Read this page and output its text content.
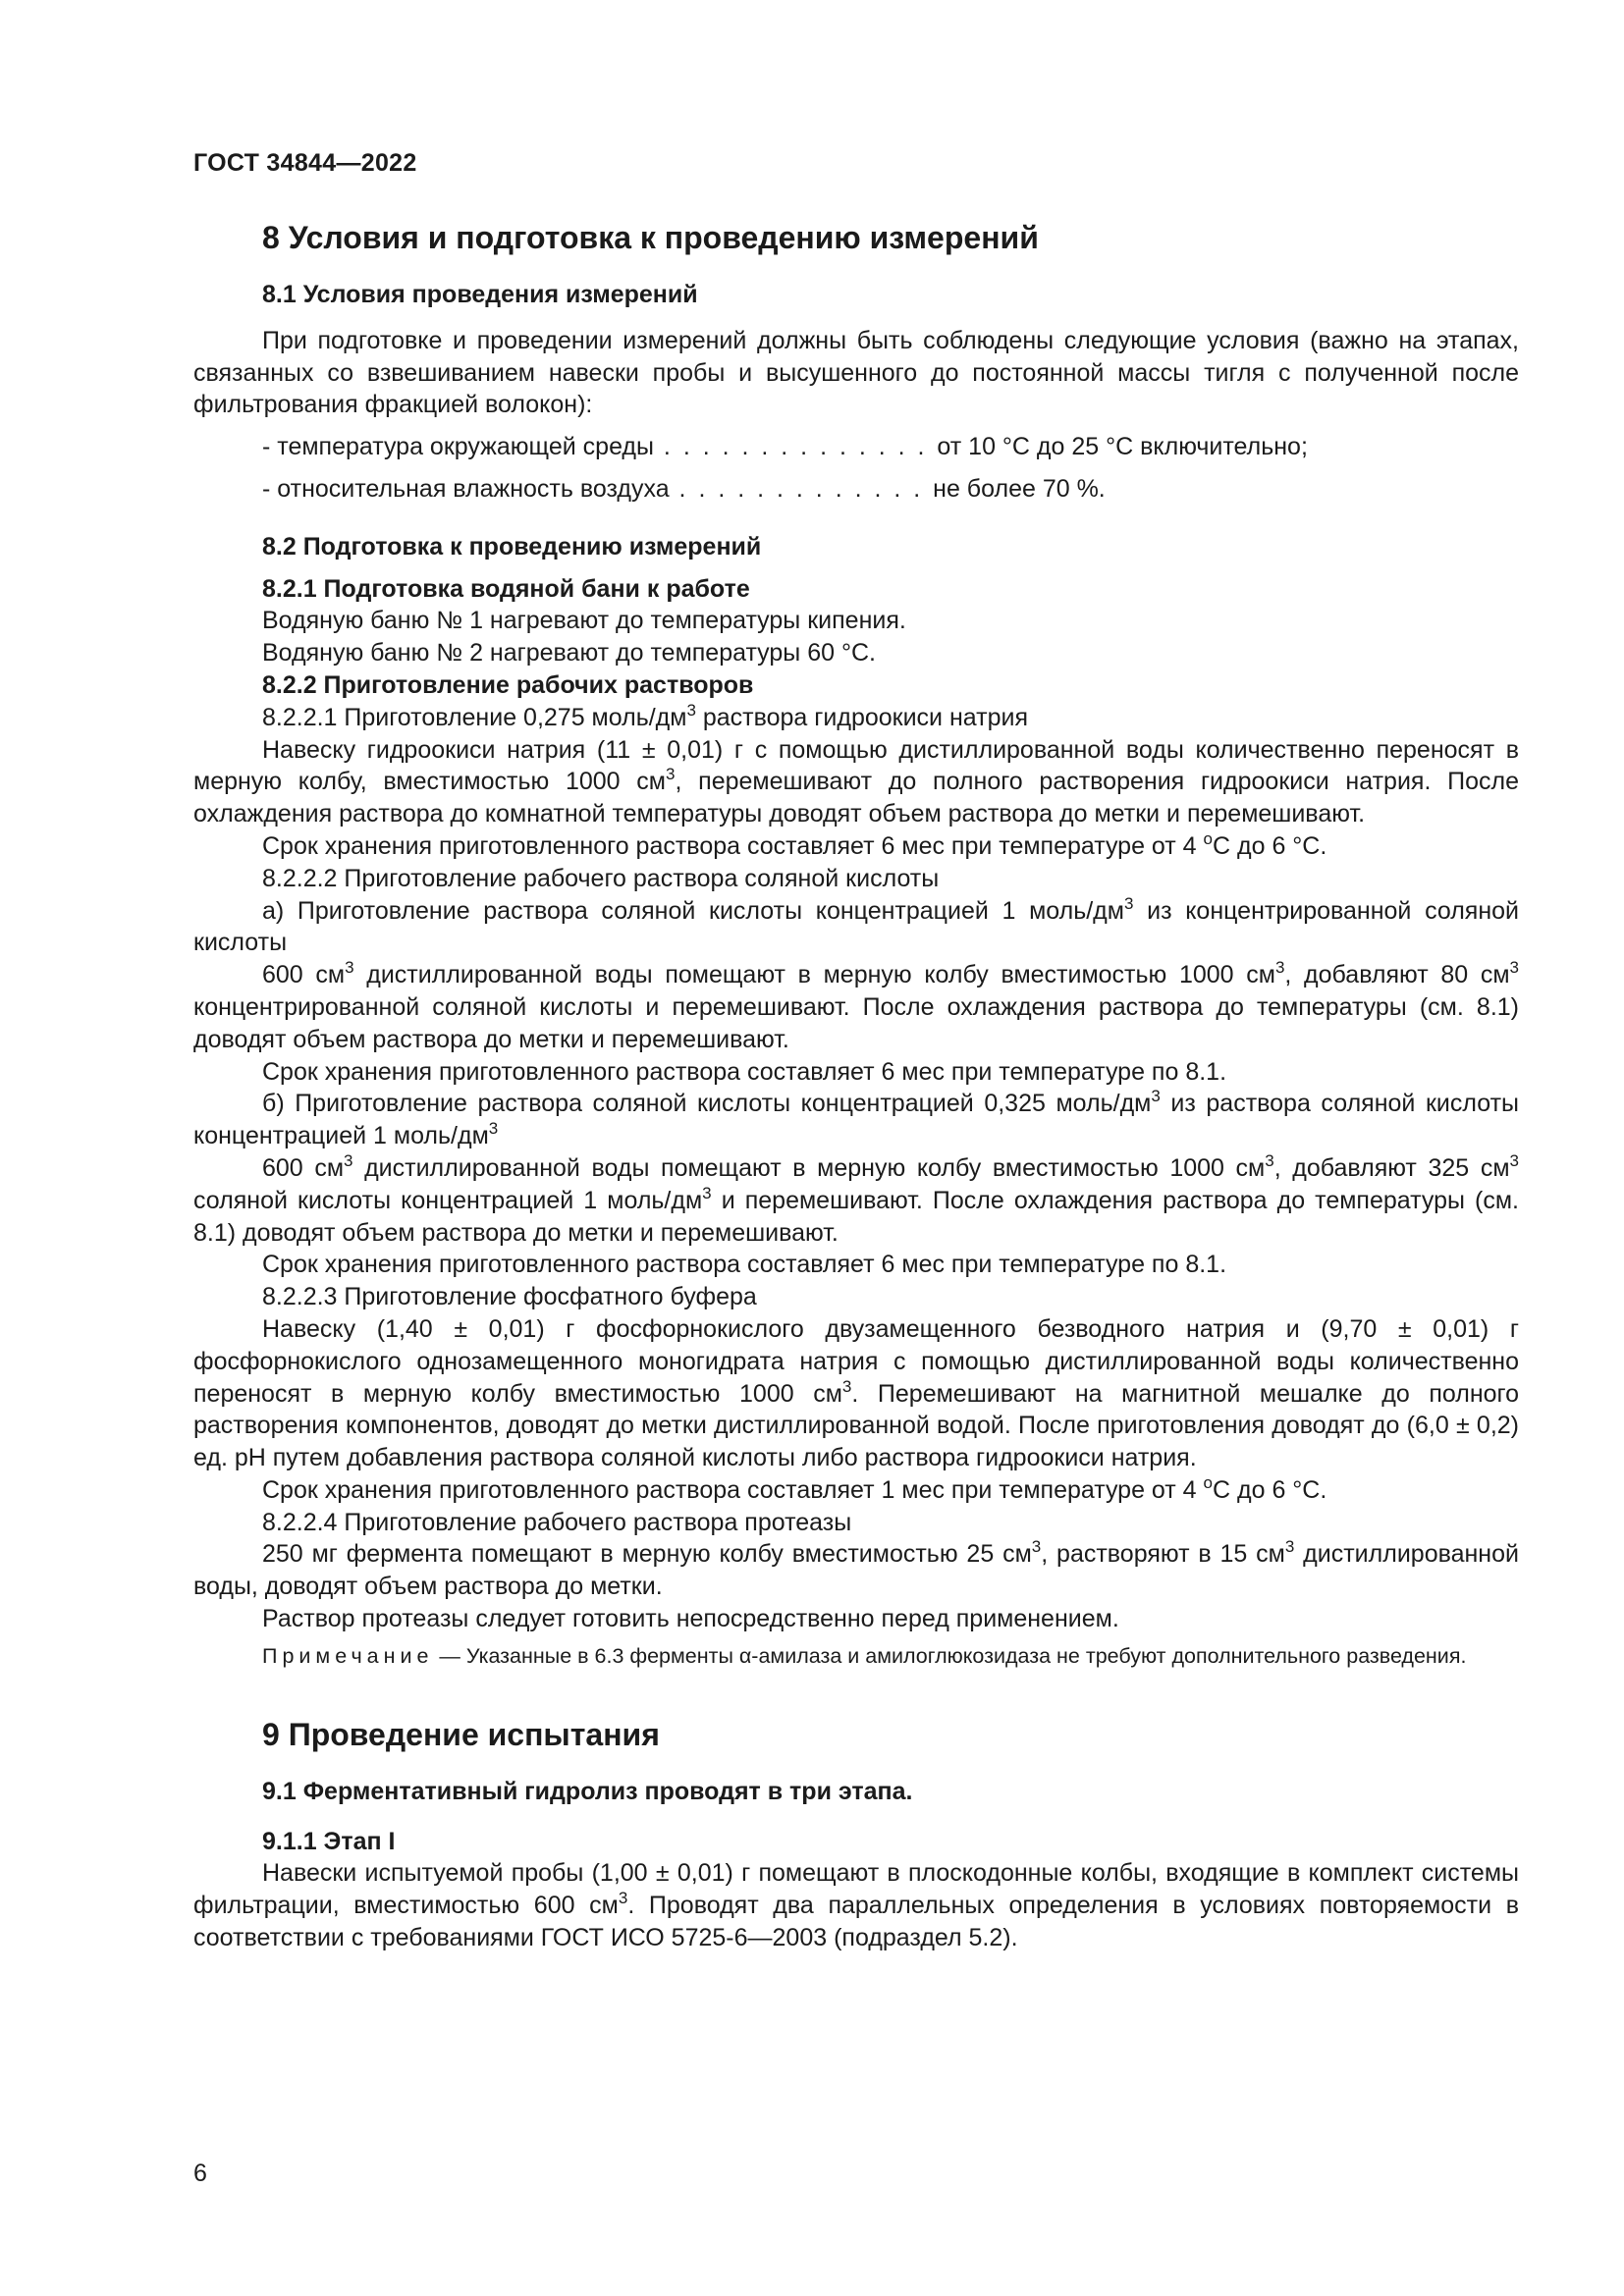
ГОСТ 34844—2022
8 Условия и подготовка к проведению измерений
8.1 Условия проведения измерений

При подготовке и проведении измерений должны быть соблюдены следующие условия (важно на этапах, связанных со взвешиванием навески пробы и высушенного до постоянной массы тигля с полученной после фильтрования фракцией волокон):

- температура окружающей среды . . . . . . . . . . . . . . от 10 °С до 25 °С включительно;
- относительная влажность воздуха . . . . . . . . . . . . . не более 70 %.
8.2 Подготовка к проведению измерений
8.2.1 Подготовка водяной бани к работе

Водяную баню № 1 нагревают до температуры кипения.

Водяную баню № 2 нагревают до температуры 60 °С.

8.2.2 Приготовление рабочих растворов

8.2.2.1 Приготовление 0,275 моль/$дм^3$ раствора гидроокиси натрия

Навеску гидроокиси натрия (11 ± 0,01) г с помощью дистиллированной воды количественно переносят в мерную колбу, вместимостью 1000 $см^3$, перемешивают до полного растворения гидроокиси натрия. После охлаждения раствора до комнатной температуры доводят объем раствора до метки и перемешивают.

Срок хранения приготовленного раствора составляет 6 мес при температуре от 4 $^о$С до 6 °С.

8.2.2.2 Приготовление рабочего раствора соляной кислоты

а) Приготовление раствора соляной кислоты концентрацией 1 моль/$дм^3$ из концентрированной соляной кислоты

600 $см^3$ дистиллированной воды помещают в мерную колбу вместимостью 1000 $см^3$, добавляют 80 $см^3$ концентрированной соляной кислоты и перемешивают. После охлаждения раствора до температуры (см. 8.1) доводят объем раствора до метки и перемешивают.

Срок хранения приготовленного раствора составляет 6 мес при температуре по 8.1.

б) Приготовление раствора соляной кислоты концентрацией 0,325 моль/$дм^3$ из раствора соляной кислоты концентрацией 1 моль/$дм^3$

600 $см^3$ дистиллированной воды помещают в мерную колбу вместимостью 1000 $см^3$, добавляют 325 $см^3$ соляной кислоты концентрацией 1 моль/$дм^3$ и перемешивают. После охлаждения раствора до температуры (см. 8.1) доводят объем раствора до метки и перемешивают.

Срок хранения приготовленного раствора составляет 6 мес при температуре по 8.1.

8.2.2.3 Приготовление фосфатного буфера

Навеску (1,40 ± 0,01) г фосфорнокислого двузамещенного безводного натрия и (9,70 ± 0,01) г фосфорнокислого однозамещенного моногидрата натрия с помощью дистиллированной воды количественно переносят в мерную колбу вместимостью 1000 $см^3$. Перемешивают на магнитной мешалке до полного растворения компонентов, доводят до метки дистиллированной водой. После приготовления доводят до (6,0 ± 0,2) ед. рН путем добавления раствора соляной кислоты либо раствора гидроокиси натрия.

Срок хранения приготовленного раствора составляет 1 мес при температуре от 4 $^о$С до 6 °С.

8.2.2.4 Приготовление рабочего раствора протеазы

250 мг фермента помещают в мерную колбу вместимостью 25 $см^3$, растворяют в 15 $см^3$ дистиллированной воды, доводят объем раствора до метки.

Раствор протеазы следует готовить непосредственно перед применением.

Примечание — Указанные в 6.3 ферменты α-амилаза и амилоглюкозидаза не требуют дополнительного разведения.
9 Проведение испытания
9.1 Ферментативный гидролиз проводят в три этапа.
9.1.1 Этап I

Навески испытуемой пробы (1,00 ± 0,01) г помещают в плоскодонные колбы, входящие в комплект системы фильтрации, вместимостью 600 $см^3$. Проводят два параллельных определения в условиях повторяемости в соответствии с требованиями ГОСТ ИСО 5725-6—2003 (подраздел 5.2).

6
